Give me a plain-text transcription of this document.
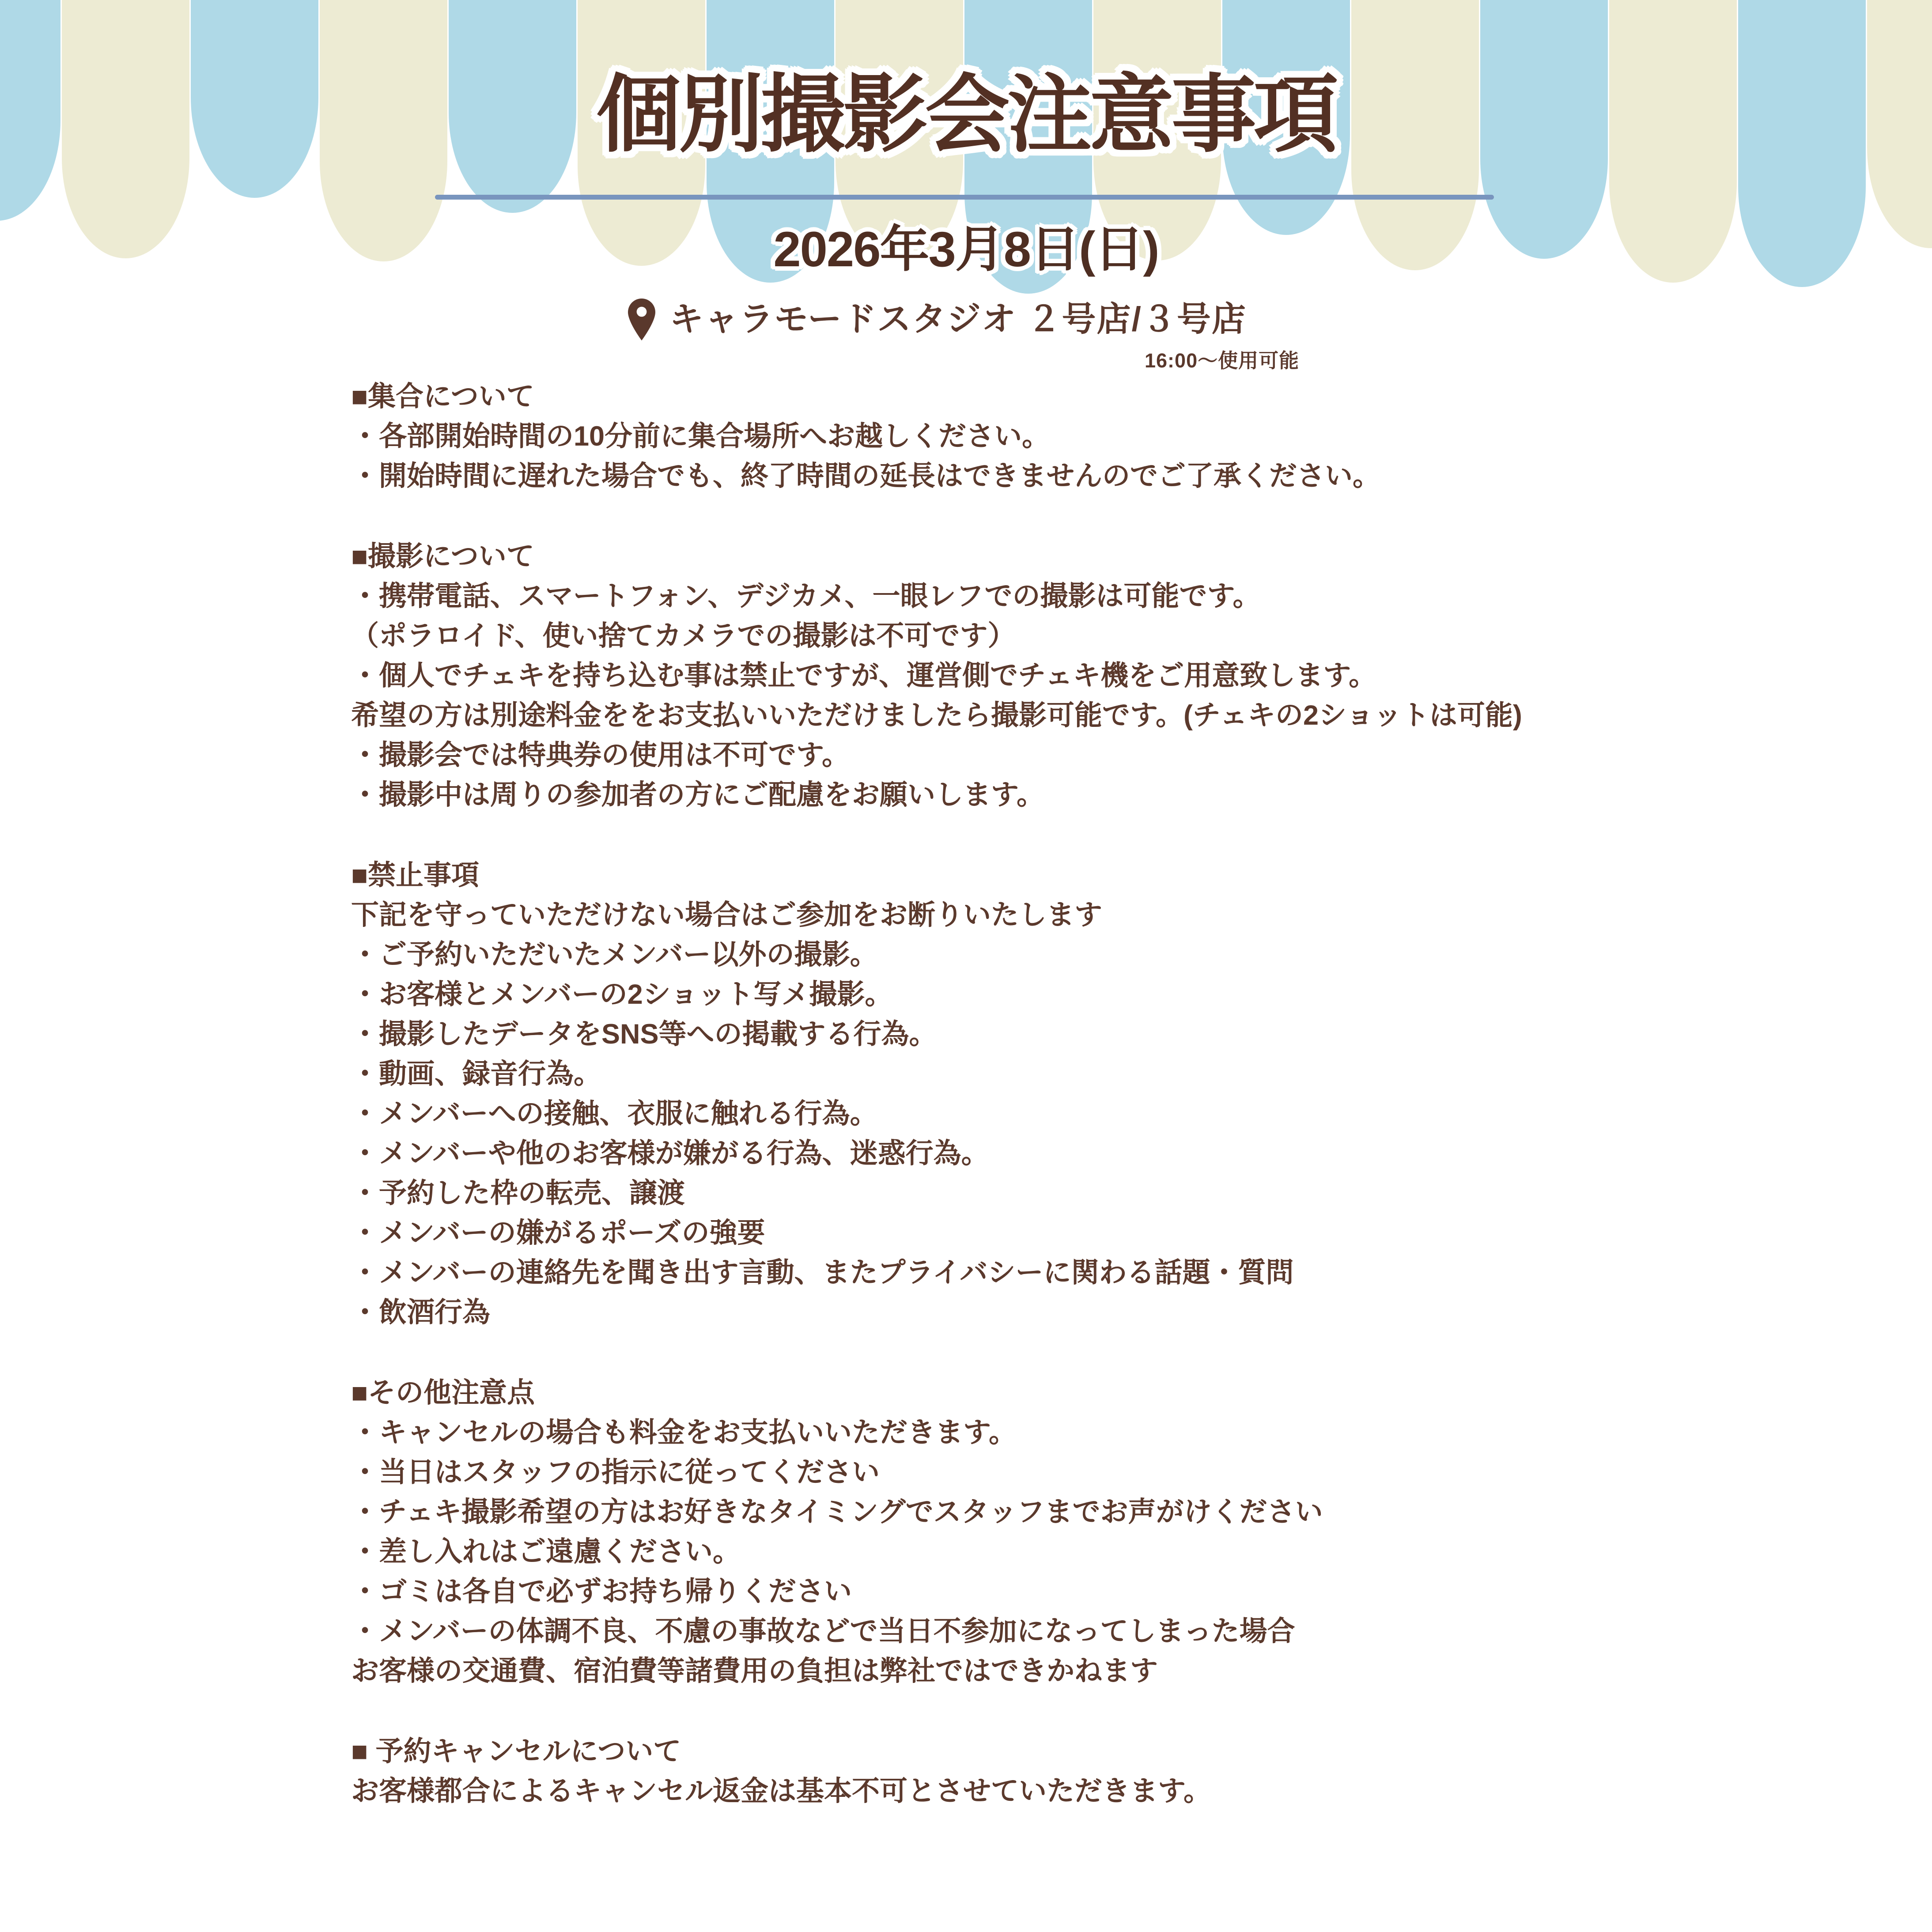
個別撮影会注意事項
2026年3月8日(日)
キャラモードスタジオ ２号店/３号店
16:00〜使用可能
■集合について
・各部開始時間の10分前に集合場所へお越しください。
・開始時間に遅れた場合でも、終了時間の延長はできませんのでご了承ください。
■撮影について
・携帯電話、スマートフォン、デジカメ、一眼レフでの撮影は可能です。
（ポラロイド、使い捨てカメラでの撮影は不可です）
・個人でチェキを持ち込む事は禁止ですが、運営側でチェキ機をご用意致します。
希望の方は別途料金ををお支払いいただけましたら撮影可能です。(チェキの2ショットは可能)
・撮影会では特典券の使用は不可です。
・撮影中は周りの参加者の方にご配慮をお願いします。
■禁止事項
下記を守っていただけない場合はご参加をお断りいたします
・ご予約いただいたメンバー以外の撮影。
・お客様とメンバーの2ショット写メ撮影。
・撮影したデータをSNS等への掲載する行為。
・動画、録音行為。
・メンバーへの接触、衣服に触れる行為。
・メンバーや他のお客様が嫌がる行為、迷惑行為。
・予約した枠の転売、譲渡
・メンバーの嫌がるポーズの強要
・メンバーの連絡先を聞き出す言動、またプライバシーに関わる話題・質問
・飲酒行為
■その他注意点
・キャンセルの場合も料金をお支払いいただきます。
・当日はスタッフの指示に従ってください
・チェキ撮影希望の方はお好きなタイミングでスタッフまでお声がけください
・差し入れはご遠慮ください。
・ゴミは各自で必ずお持ち帰りください
・メンバーの体調不良、不慮の事故などで当日不参加になってしまった場合
お客様の交通費、宿泊費等諸費用の負担は弊社ではできかねます
■ 予約キャンセルについて
お客様都合によるキャンセル返金は基本不可とさせていただきます。
